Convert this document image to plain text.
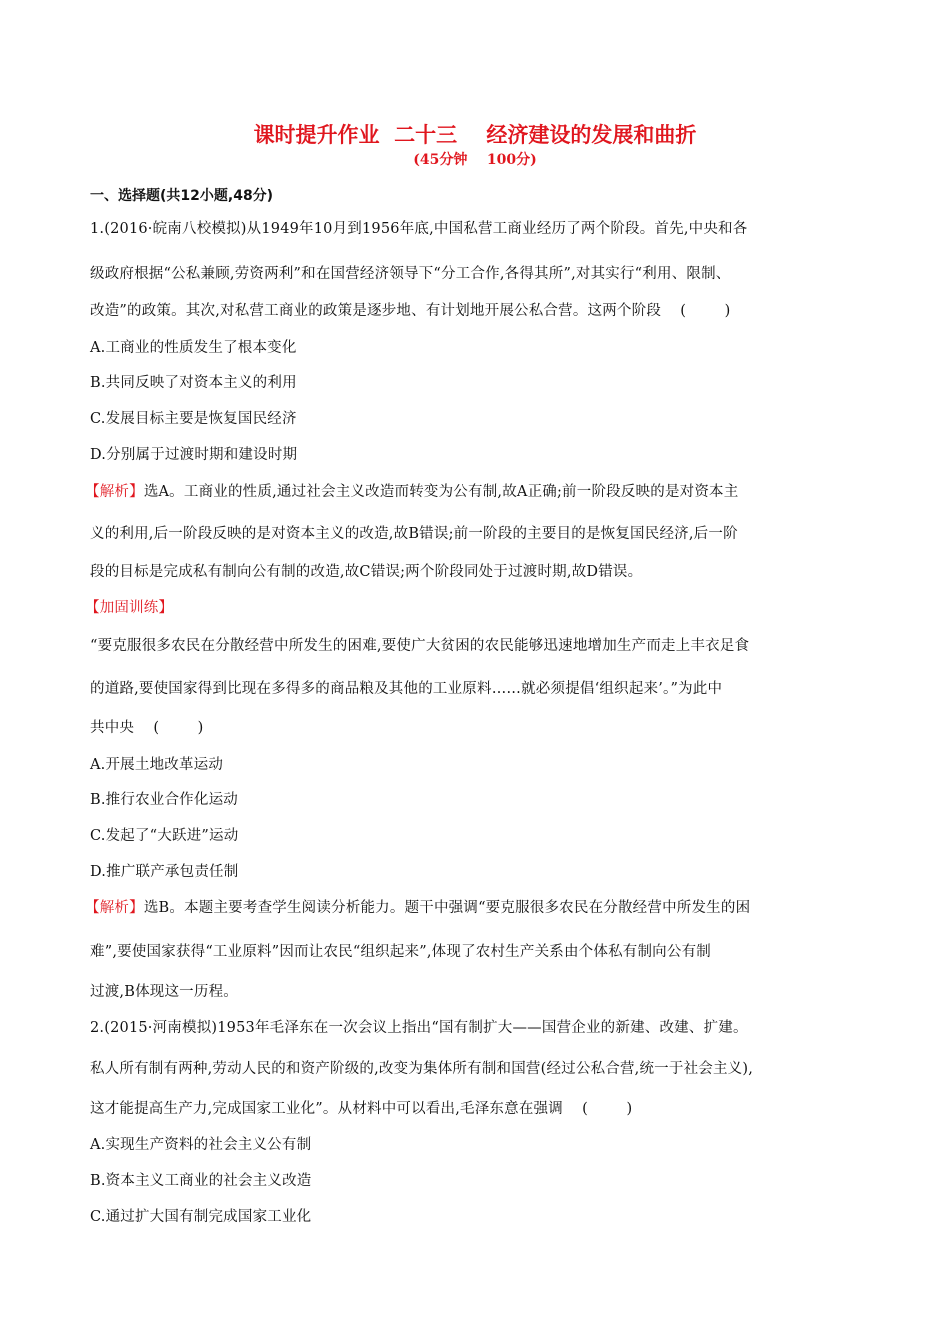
课时提升作业  二十三    经济建设的发展和曲折
(45分钟    100分)
一、选择题(共12小题,48分)
1.(2016·皖南八校模拟)从1949年10月到1956年底,中国私营工商业经历了两个阶段。首先,中央和各
级政府根据“公私兼顾,劳资两利”和在国营经济领导下“分工合作,各得其所”,对其实行“利用、限制、
改造”的政策。其次,对私营工商业的政策是逐步地、有计划地开展公私合营。这两个阶段    (        )
A.工商业的性质发生了根本变化
B.共同反映了对资本主义的利用
C.发展目标主要是恢复国民经济
D.分别属于过渡时期和建设时期
【解析】选A。工商业的性质,通过社会主义改造而转变为公有制,故A正确;前一阶段反映的是对资本主
义的利用,后一阶段反映的是对资本主义的改造,故B错误;前一阶段的主要目的是恢复国民经济,后一阶
段的目标是完成私有制向公有制的改造,故C错误;两个阶段同处于过渡时期,故D错误。
【加固训练】
“要克服很多农民在分散经营中所发生的困难,要使广大贫困的农民能够迅速地增加生产而走上丰衣足食
的道路,要使国家得到比现在多得多的商品粮及其他的工业原料……就必须提倡‘组织起来’。”为此中
共中央    (        )
A.开展土地改革运动
B.推行农业合作化运动
C.发起了“大跃进”运动
D.推广联产承包责任制
【解析】选B。本题主要考查学生阅读分析能力。题干中强调“要克服很多农民在分散经营中所发生的困
难”,要使国家获得“工业原料”因而让农民“组织起来”,体现了农村生产关系由个体私有制向公有制
过渡,B体现这一历程。
2.(2015·河南模拟)1953年毛泽东在一次会议上指出“国有制扩大——国营企业的新建、改建、扩建。
私人所有制有两种,劳动人民的和资产阶级的,改变为集体所有制和国营(经过公私合营,统一于社会主义),
这才能提高生产力,完成国家工业化”。从材料中可以看出,毛泽东意在强调    (        )
A.实现生产资料的社会主义公有制
B.资本主义工商业的社会主义改造
C.通过扩大国有制完成国家工业化
